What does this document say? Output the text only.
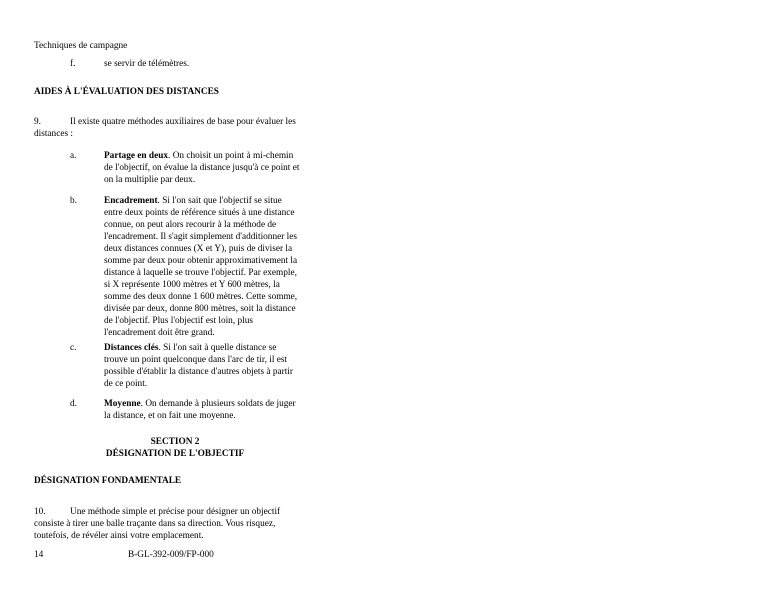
Techniques de campagne
f.	se servir de télémètres.
AIDES À L'ÉVALUATION DES DISTANCES
9.	Il existe quatre méthodes auxiliaires de base pour évaluer les
distances :
a.	Partage en deux. On choisit un point à mi-chemin
de l'objectif, on évalue la distance jusqu'à ce point et
on la multiplie par deux.
b.	Encadrement. Si l'on sait que l'objectif se situe
entre deux points de référence situés à une distance
connue, on peut alors recourir à la méthode de
l'encadrement. Il s'agit simplement d'additionner les
deux distances connues (X et Y), puis de diviser la
somme par deux pour obtenir approximativement la
distance à laquelle se trouve l'objectif. Par exemple,
si X représente 1000 mètres et Y 600 mètres, la
somme des deux donne 1 600 mètres. Cette somme,
divisée par deux, donne 800 mètres, soit la distance
de l'objectif. Plus l'objectif est loin, plus
l'encadrement doit être grand.
c.	Distances clés. Si l'on sait à quelle distance se
trouve un point quelconque dans l'arc de tir, il est
possible d'établir la distance d'autres objets à partir
de ce point.
d.	Moyenne. On demande à plusieurs soldats de juger
la distance, et on fait une moyenne.
SECTION 2
DÉSIGNATION DE L'OBJECTIF
DÉSIGNATION FONDAMENTALE
10.	Une méthode simple et précise pour désigner un objectif
consiste à tirer une balle traçante dans sa direction. Vous risquez,
toutefois, de révéler ainsi votre emplacement.
14	B-GL-392-009/FP-000
